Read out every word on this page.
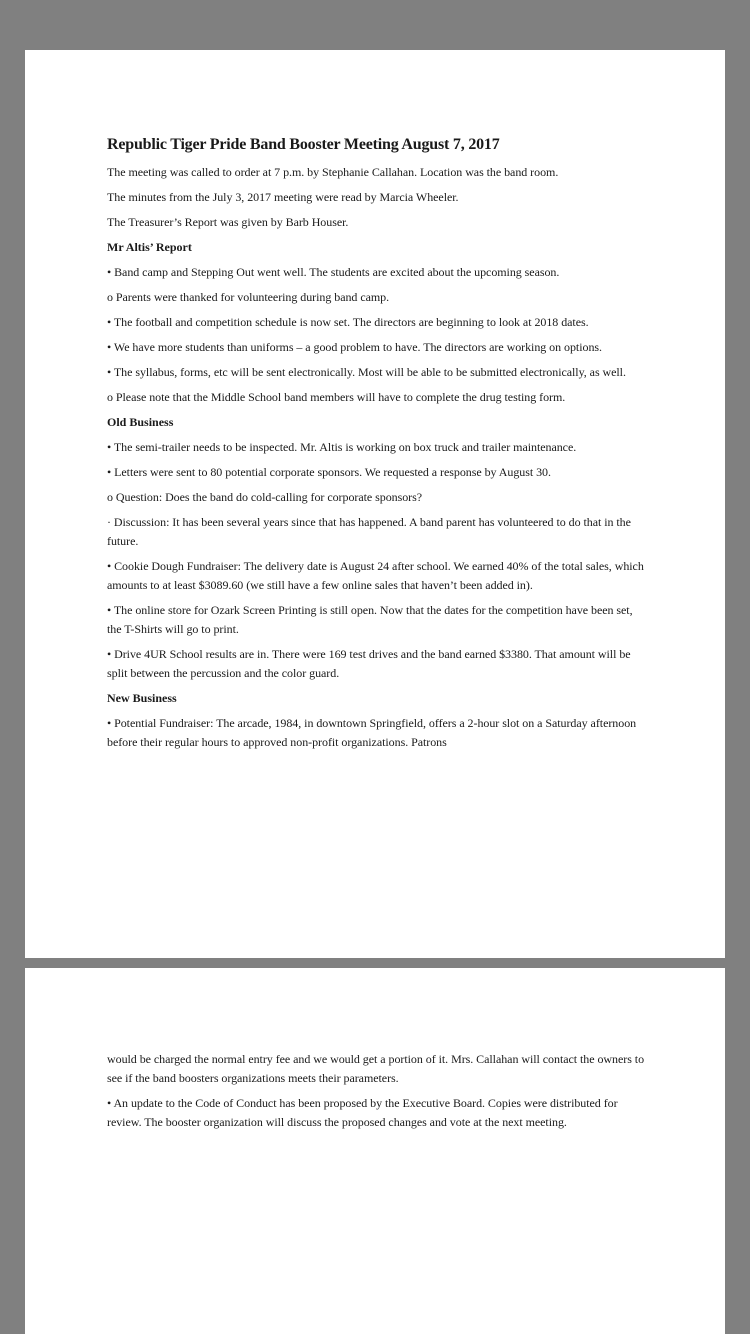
Republic Tiger Pride Band Booster Meeting August 7, 2017

The meeting was called to order at 7 p.m. by Stephanie Callahan. Location was the band room.

The minutes from the July 3, 2017 meeting were read by Marcia Wheeler.

The Treasurer’s Report was given by Barb Houser.

Mr Altis’ Report

• Band camp and Stepping Out went well. The students are excited about the upcoming season.

o Parents were thanked for volunteering during band camp.

• The football and competition schedule is now set. The directors are beginning to look at 2018 dates.

• We have more students than uniforms – a good problem to have. The directors are working on options.

• The syllabus, forms, etc will be sent electronically. Most will be able to be submitted electronically, as well.

o Please note that the Middle School band members will have to complete the drug testing form.

Old Business

• The semi-trailer needs to be inspected. Mr. Altis is working on box truck and trailer maintenance.

• Letters were sent to 80 potential corporate sponsors. We requested a response by August 30.

o Question: Does the band do cold-calling for corporate sponsors?

· Discussion: It has been several years since that has happened. A band parent has volunteered to do that in the future.

• Cookie Dough Fundraiser: The delivery date is August 24 after school. We earned 40% of the total sales, which amounts to at least $3089.60 (we still have a few online sales that haven’t been added in).

• The online store for Ozark Screen Printing is still open. Now that the dates for the competition have been set, the T-Shirts will go to print.

• Drive 4UR School results are in. There were 169 test drives and the band earned $3380. That amount will be split between the percussion and the color guard.

New Business

• Potential Fundraiser: The arcade, 1984, in downtown Springfield, offers a 2-hour slot on a Saturday afternoon before their regular hours to approved non-profit organizations. Patrons

would be charged the normal entry fee and we would get a portion of it. Mrs. Callahan will contact the owners to see if the band boosters organizations meets their parameters.

• An update to the Code of Conduct has been proposed by the Executive Board. Copies were distributed for review. The booster organization will discuss the proposed changes and vote at the next meeting.
